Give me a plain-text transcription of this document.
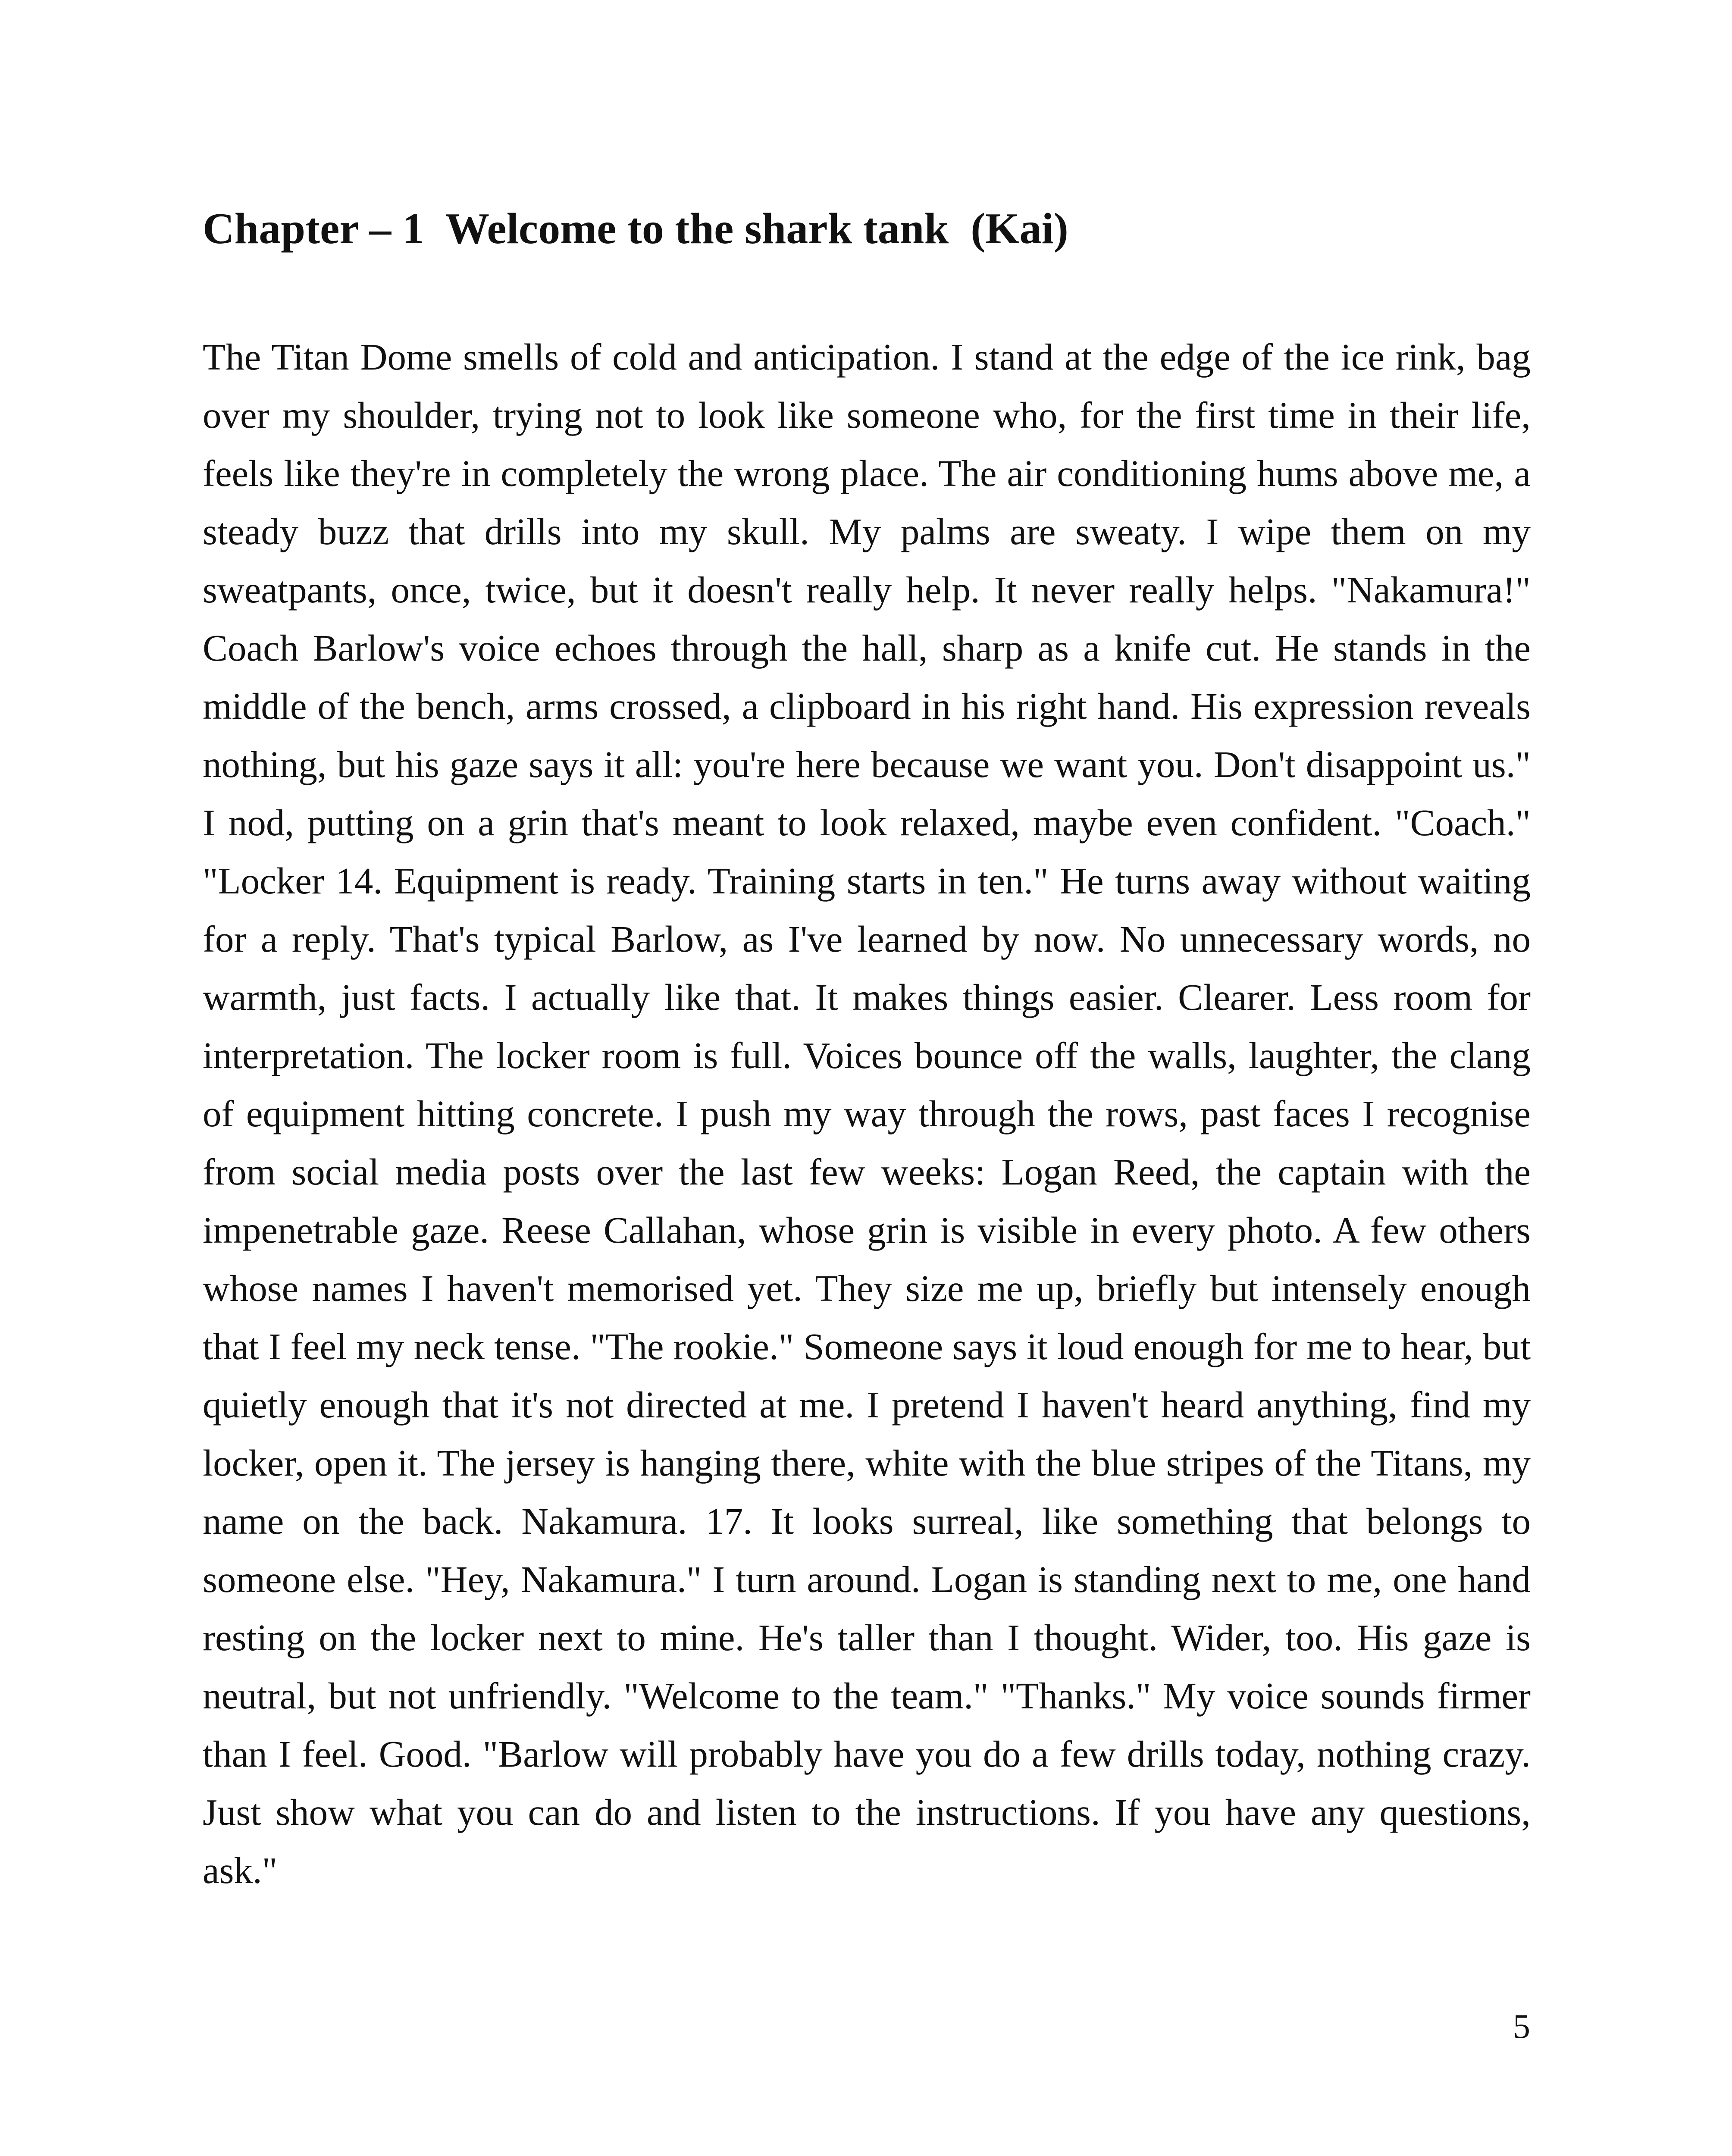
Chapter – 1  Welcome to the shark tank  (Kai)

The Titan Dome smells of cold and anticipation. I stand at the edge of the ice rink, bag over my shoulder, trying not to look like someone who, for the first time in their life, feels like they're in completely the wrong place. The air conditioning hums above me, a steady buzz that drills into my skull. My palms are sweaty. I wipe them on my sweatpants, once, twice, but it doesn't really help. It never really helps. "Nakamura!" Coach Barlow's voice echoes through the hall, sharp as a knife cut. He stands in the middle of the bench, arms crossed, a clipboard in his right hand. His expression reveals nothing, but his gaze says it all: you're here because we want you. Don't disappoint us." I nod, putting on a grin that's meant to look relaxed, maybe even confident. "Coach." "Locker 14. Equipment is ready. Training starts in ten." He turns away without waiting for a reply. That's typical Barlow, as I've learned by now. No unnecessary words, no warmth, just facts. I actually like that. It makes things easier. Clearer. Less room for interpretation. The locker room is full. Voices bounce off the walls, laughter, the clang of equipment hitting concrete. I push my way through the rows, past faces I recognise from social media posts over the last few weeks: Logan Reed, the captain with the impenetrable gaze. Reese Callahan, whose grin is visible in every photo. A few others whose names I haven't memorised yet. They size me up, briefly but intensely enough that I feel my neck tense. "The rookie." Someone says it loud enough for me to hear, but quietly enough that it's not directed at me. I pretend I haven't heard anything, find my locker, open it. The jersey is hanging there, white with the blue stripes of the Titans, my name on the back. Nakamura. 17. It looks surreal, like something that belongs to someone else. "Hey, Nakamura." I turn around. Logan is standing next to me, one hand resting on the locker next to mine. He's taller than I thought. Wider, too. His gaze is neutral, but not unfriendly. "Welcome to the team." "Thanks." My voice sounds firmer than I feel. Good. "Barlow will probably have you do a few drills today, nothing crazy. Just show what you can do and listen to the instructions. If you have any questions, ask."

5
